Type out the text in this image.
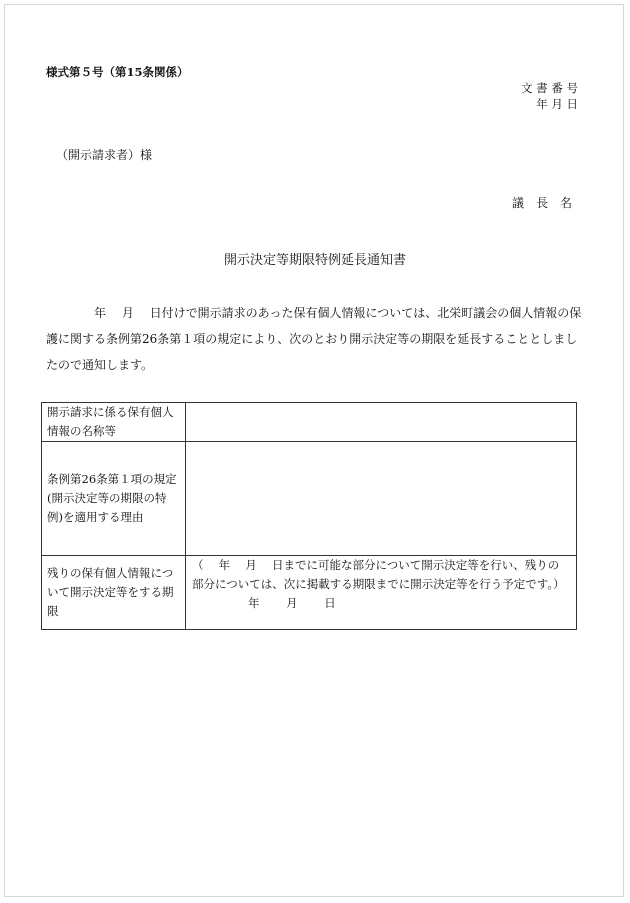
様式第５号（第15条関係）
文 書 番 号
年 月 日
（開示請求者）様
議　長　名
開示決定等期限特例延長通知書
年　 月　 日付けで開示請求のあった保有個人情報については、北栄町議会の個人情報の保護に関する条例第26条第１項の規定により、次のとおり開示決定等の期限を延長することとしましたので通知します。
開示請求に係る保有個人情報の名称等	
条例第26条第１項の規定(開示決定等の期限の特例)を適用する理由	
残りの保有個人情報について開示決定等をする期限	（　 年　 月　 日までに可能な部分について開示決定等を行い、残りの部分については、次に掲載する期限までに開示決定等を行う予定です。）
年　　 月　　 日
